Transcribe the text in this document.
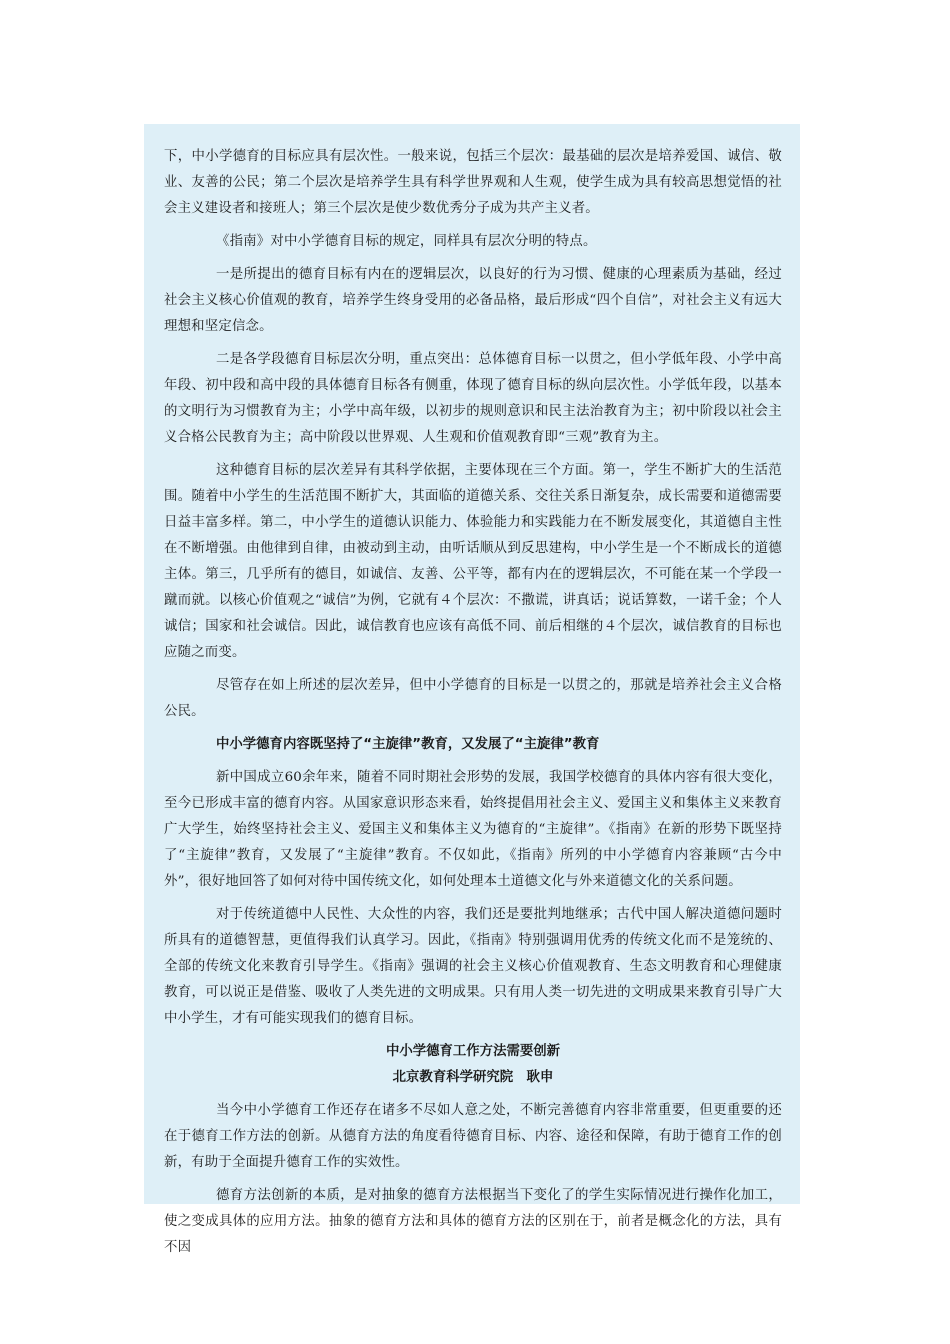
下，中小学德育的目标应具有层次性。一般来说，包括三个层次：最基础的层次是培养爱国、诚信、敬业、友善的公民；第二个层次是培养学生具有科学世界观和人生观，使学生成为具有较高思想觉悟的社会主义建设者和接班人；第三个层次是使少数优秀分子成为共产主义者。

《指南》对中小学德育目标的规定，同样具有层次分明的特点。

一是所提出的德育目标有内在的逻辑层次，以良好的行为习惯、健康的心理素质为基础，经过社会主义核心价值观的教育，培养学生终身受用的必备品格，最后形成“四个自信”，对社会主义有远大理想和坚定信念。

二是各学段德育目标层次分明，重点突出：总体德育目标一以贯之，但小学低年段、小学中高年段、初中段和高中段的具体德育目标各有侧重，体现了德育目标的纵向层次性。小学低年段，以基本的文明行为习惯教育为主；小学中高年级，以初步的规则意识和民主法治教育为主；初中阶段以社会主义合格公民教育为主；高中阶段以世界观、人生观和价值观教育即“三观”教育为主。

这种德育目标的层次差异有其科学依据，主要体现在三个方面。第一，学生不断扩大的生活范围。随着中小学生的生活范围不断扩大，其面临的道德关系、交往关系日渐复杂，成长需要和道德需要日益丰富多样。第二，中小学生的道德认识能力、体验能力和实践能力在不断发展变化，其道德自主性在不断增强。由他律到自律，由被动到主动，由听话顺从到反思建构，中小学生是一个不断成长的道德主体。第三，几乎所有的德目，如诚信、友善、公平等，都有内在的逻辑层次，不可能在某一个学段一蹴而就。以核心价值观之“诚信”为例，它就有４个层次：不撒谎，讲真话；说话算数，一诺千金；个人诚信；国家和社会诚信。因此，诚信教育也应该有高低不同、前后相继的４个层次，诚信教育的目标也应随之而变。

尽管存在如上所述的层次差异，但中小学德育的目标是一以贯之的，那就是培养社会主义合格公民。

中小学德育内容既坚持了“主旋律”教育，又发展了“主旋律”教育

新中国成立60余年来，随着不同时期社会形势的发展，我国学校德育的具体内容有很大变化，至今已形成丰富的德育内容。从国家意识形态来看，始终提倡用社会主义、爱国主义和集体主义来教育广大学生，始终坚持社会主义、爱国主义和集体主义为德育的“主旋律”。《指南》在新的形势下既坚持了“主旋律”教育，又发展了“主旋律”教育。不仅如此，《指南》所列的中小学德育内容兼顾“古今中外”，很好地回答了如何对待中国传统文化，如何处理本土道德文化与外来道德文化的关系问题。

对于传统道德中人民性、大众性的内容，我们还是要批判地继承；古代中国人解决道德问题时所具有的道德智慧，更值得我们认真学习。因此，《指南》特别强调用优秀的传统文化而不是笼统的、全部的传统文化来教育引导学生。《指南》强调的社会主义核心价值观教育、生态文明教育和心理健康教育，可以说正是借鉴、吸收了人类先进的文明成果。只有用人类一切先进的文明成果来教育引导广大中小学生，才有可能实现我们的德育目标。

中小学德育工作方法需要创新

北京教育科学研究院　耿申

当今中小学德育工作还存在诸多不尽如人意之处，不断完善德育内容非常重要，但更重要的还在于德育工作方法的创新。从德育方法的角度看待德育目标、内容、途径和保障，有助于德育工作的创新，有助于全面提升德育工作的实效性。

德育方法创新的本质，是对抽象的德育方法根据当下变化了的学生实际情况进行操作化加工，使之变成具体的应用方法。抽象的德育方法和具体的德育方法的区别在于，前者是概念化的方法，具有不因
